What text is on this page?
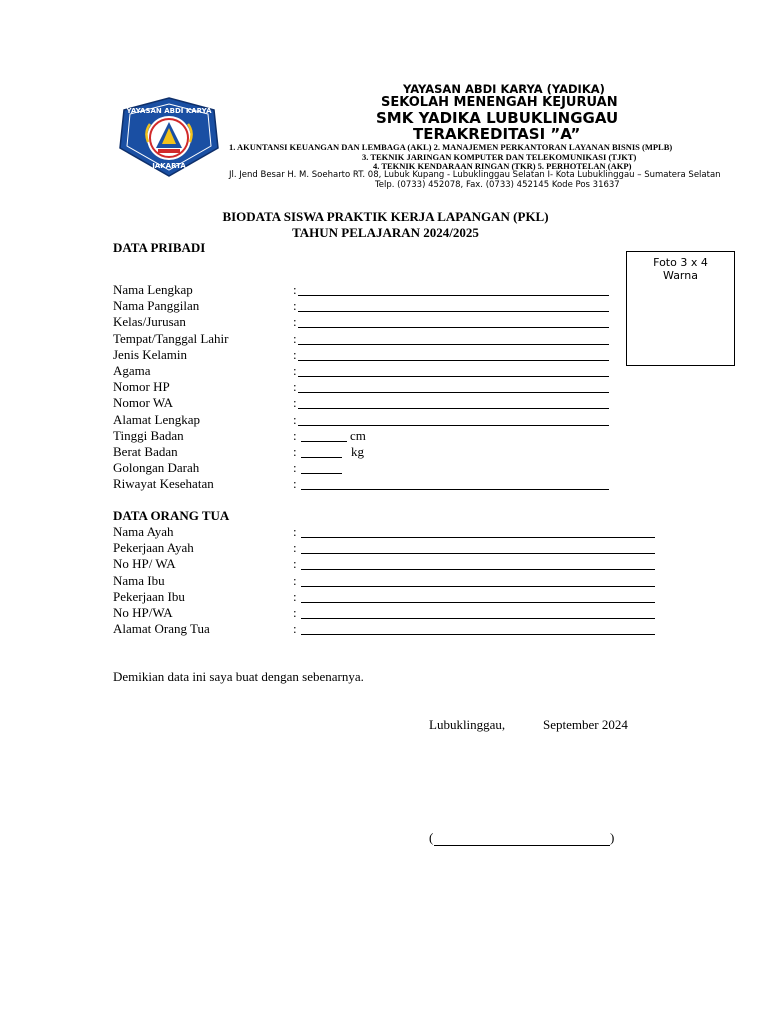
YAYASAN ABDI KARYA
JAKARTA
YAYASAN ABDI KARYA (YADIKA)
SEKOLAH MENENGAH KEJURUAN
SMK YADIKA LUBUKLINGGAU
TERAKREDITASI ”A”
1. AKUNTANSI KEUANGAN DAN LEMBAGA (AKL) 2. MANAJEMEN PERKANTORAN LAYANAN BISNIS (MPLB)
3. TEKNIK JARINGAN KOMPUTER DAN TELEKOMUNIKASI (TJKT)
4. TEKNIK KENDARAAN RINGAN (TKR) 5. PERHOTELAN (AKP)
Jl. Jend Besar H. M. Soeharto RT. 08, Lubuk Kupang - Lubuklinggau Selatan I- Kota Lubuklinggau – Sumatera Selatan
Telp. (0733) 452078, Fax. (0733) 452145 Kode Pos 31637
BIODATA SISWA PRAKTIK KERJA LAPANGAN (PKL)
TAHUN PELAJARAN 2024/2025
Foto 3 x 4
Warna
DATA PRIBADI
Nama Lengkap	:
Nama Panggilan	:
Kelas/Jurusan	:
Tempat/Tanggal Lahir	:
Jenis Kelamin	:
Agama	:
Nomor HP	:
Nomor WA	:
Alamat Lengkap	:
Tinggi Badan	:	cm
Berat Badan	:	kg
Golongan Darah	:
Riwayat Kesehatan	:
DATA ORANG TUA
Nama Ayah	:
Pekerjaan Ayah	:
No HP/ WA	:
Nama Ibu	:
Pekerjaan Ibu	:
No HP/WA	:
Alamat Orang Tua	:
Demikian data ini saya buat dengan sebenarnya.
Lubuklinggau,	September 2024
(	)
